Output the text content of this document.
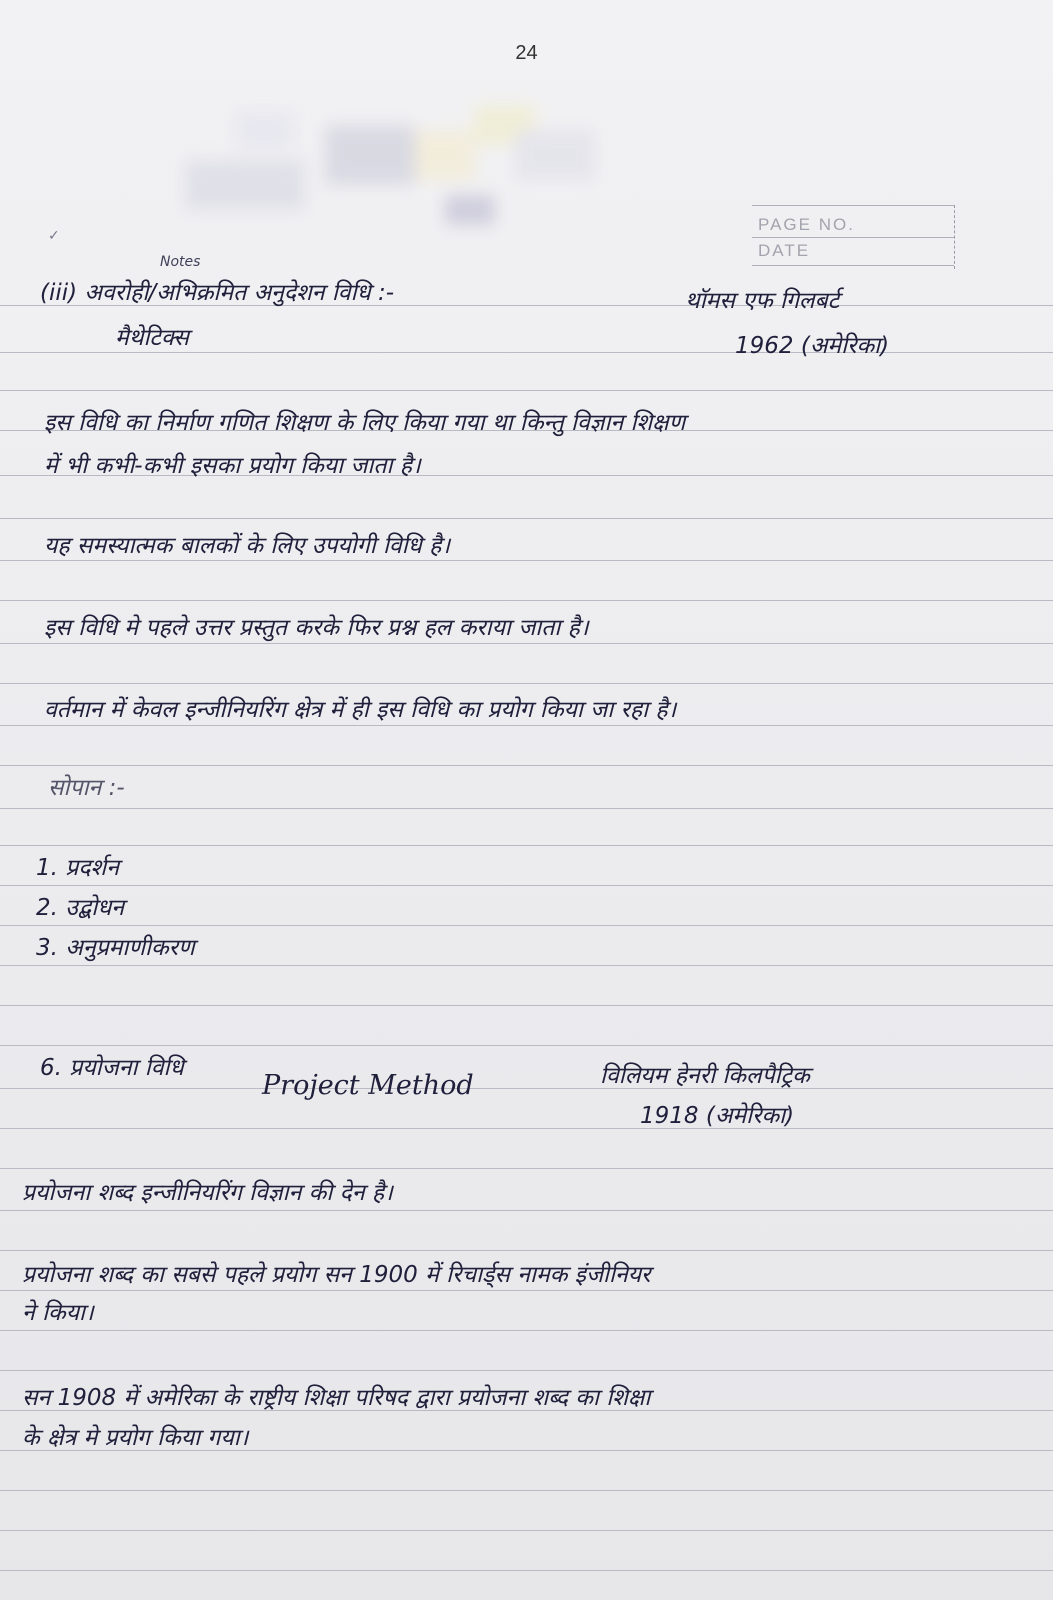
24
PAGE NO.
DATE
✓
Notes
(iii) अवरोही/अभिक्रमित अनुदेशन विधि :-	थॉमस एफ गिलबर्ट
मैथेटिक्स	1962 (अमेरिका)
इस विधि का निर्माण गणित शिक्षण के लिए किया गया था किन्तु विज्ञान शिक्षण
में भी कभी-कभी इसका प्रयोग किया जाता है।
यह समस्यात्मक बालकों के लिए उपयोगी विधि है।
इस विधि मे पहले उत्तर प्रस्तुत करके फिर प्रश्न हल कराया जाता है।
वर्तमान में केवल इन्जीनियरिंग क्षेत्र में ही इस विधि का प्रयोग किया जा रहा है।
सोपान :-
1. प्रदर्शन
2. उद्बोधन
3. अनुप्रमाणीकरण
6. प्रयोजना विधि
Project Method	विलियम हेनरी किलपैट्रिक
1918 (अमेरिका)
प्रयोजना शब्द इन्जीनियरिंग विज्ञान की देन है।
प्रयोजना शब्द का सबसे पहले प्रयोग सन 1900 में रिचार्ड्स नामक इंजीनियर
ने किया।
सन 1908 में अमेरिका के राष्ट्रीय शिक्षा परिषद द्वारा प्रयोजना शब्द का शिक्षा
के क्षेत्र मे प्रयोग किया गया।
